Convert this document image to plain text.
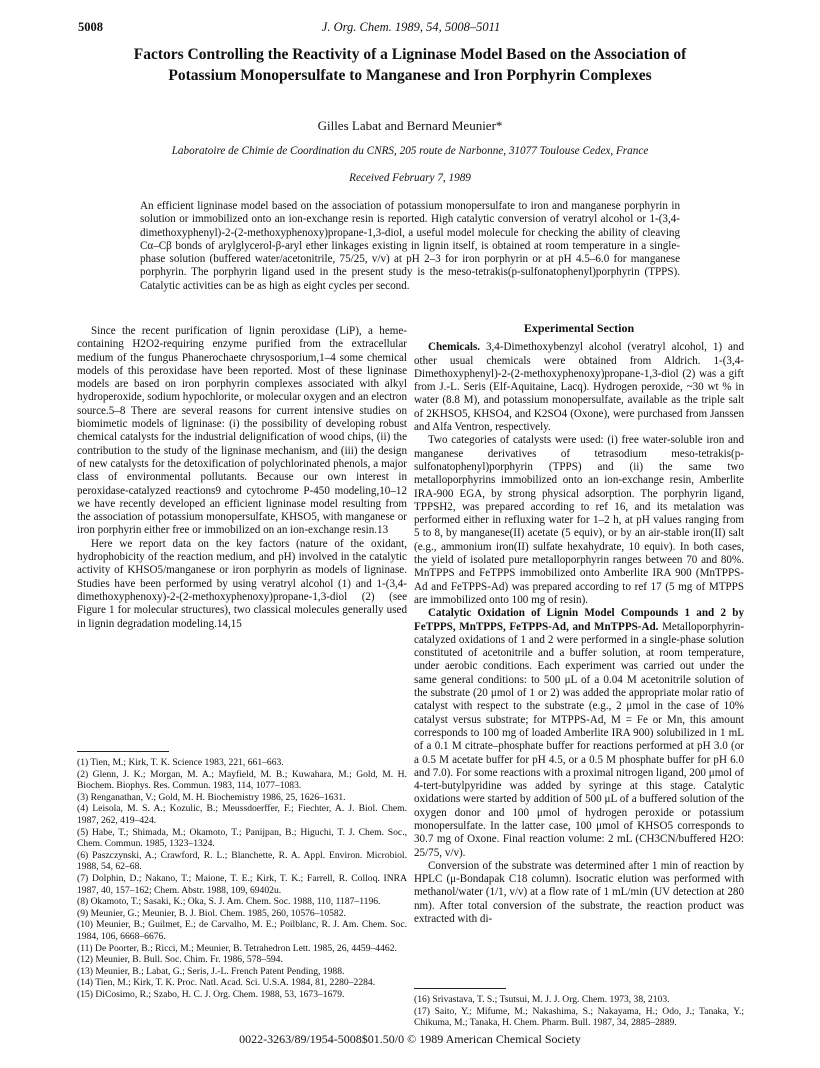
5008	J. Org. Chem. 1989, 54, 5008–5011
Factors Controlling the Reactivity of a Ligninase Model Based on the Association of Potassium Monopersulfate to Manganese and Iron Porphyrin Complexes
Gilles Labat and Bernard Meunier*
Laboratoire de Chimie de Coordination du CNRS, 205 route de Narbonne, 31077 Toulouse Cedex, France
Received February 7, 1989
An efficient ligninase model based on the association of potassium monopersulfate to iron and manganese porphyrin in solution or immobilized onto an ion-exchange resin is reported. High catalytic conversion of veratryl alcohol or 1-(3,4-dimethoxyphenyl)-2-(2-methoxyphenoxy)propane-1,3-diol, a useful model molecule for checking the ability of cleaving Cα–Cβ bonds of arylglycerol-β-aryl ether linkages existing in lignin itself, is obtained at room temperature in a single-phase solution (buffered water/acetonitrile, 75/25, v/v) at pH 2–3 for iron porphyrin or at pH 4.5–6.0 for manganese porphyrin. The porphyrin ligand used in the present study is the meso-tetrakis(p-sulfonatophenyl)porphyrin (TPPS). Catalytic activities can be as high as eight cycles per second.

Since the recent purification of lignin peroxidase (LiP), a heme-containing H2O2-requiring enzyme purified from the extracellular medium of the fungus Phanerochaete chrysosporium,1–4 some chemical models of this peroxidase have been reported. Most of these ligninase models are based on iron porphyrin complexes associated with alkyl hydroperoxide, sodium hypochlorite, or molecular oxygen and an electron source.5–8 There are several reasons for current intensive studies on biomimetic models of ligninase: (i) the possibility of developing robust chemical catalysts for the industrial delignification of wood chips, (ii) the contribution to the study of the ligninase mechanism, and (iii) the design of new catalysts for the detoxification of polychlorinated phenols, a major class of environmental pollutants. Because our own interest in peroxidase-catalyzed reactions9 and cytochrome P-450 modeling,10–12 we have recently developed an efficient ligninase model resulting from the association of potassium monopersulfate, KHSO5, with manganese or iron porphyrin either free or immobilized on an ion-exchange resin.13

Here we report data on the key factors (nature of the oxidant, hydrophobicity of the reaction medium, and pH) involved in the catalytic activity of KHSO5/manganese or iron porphyrin as models of ligninase. Studies have been performed by using veratryl alcohol (1) and 1-(3,4-dimethoxyphenoxy)-2-(2-methoxyphenoxy)propane-1,3-diol (2) (see Figure 1 for molecular structures), two classical molecules generally used in lignin degradation modeling.14,15

(1) Tien, M.; Kirk, T. K. Science 1983, 221, 661–663.
(2) Glenn, J. K.; Morgan, M. A.; Mayfield, M. B.; Kuwahara, M.; Gold, M. H. Biochem. Biophys. Res. Commun. 1983, 114, 1077–1083.
(3) Renganathan, V.; Gold, M. H. Biochemistry 1986, 25, 1626–1631.
(4) Leisola, M. S. A.; Kozulic, B.; Meussdoerffer, F.; Fiechter, A. J. Biol. Chem. 1987, 262, 419–424.
(5) Habe, T.; Shimada, M.; Okamoto, T.; Panijpan, B.; Higuchi, T. J. Chem. Soc., Chem. Commun. 1985, 1323–1324.
(6) Paszczynski, A.; Crawford, R. L.; Blanchette, R. A. Appl. Environ. Microbiol. 1988, 54, 62–68.
(7) Dolphin, D.; Nakano, T.; Maione, T. E.; Kirk, T. K.; Farrell, R. Colloq. INRA 1987, 40, 157–162; Chem. Abstr. 1988, 109, 69402u.
(8) Okamoto, T.; Sasaki, K.; Oka, S. J. Am. Chem. Soc. 1988, 110, 1187–1196.
(9) Meunier, G.; Meunier, B. J. Biol. Chem. 1985, 260, 10576–10582.
(10) Meunier, B.; Guilmet, E.; de Carvalho, M. E.; Poilblanc, R. J. Am. Chem. Soc. 1984, 106, 6668–6676.
(11) De Poorter, B.; Ricci, M.; Meunier, B. Tetrahedron Lett. 1985, 26, 4459–4462.
(12) Meunier, B. Bull. Soc. Chim. Fr. 1986, 578–594.
(13) Meunier, B.; Labat, G.; Seris, J.-L. French Patent Pending, 1988.
(14) Tien, M.; Kirk, T. K. Proc. Natl. Acad. Sci. U.S.A. 1984, 81, 2280–2284.
(15) DiCosimo, R.; Szabo, H. C. J. Org. Chem. 1988, 53, 1673–1679.
Experimental Section

Chemicals. 3,4-Dimethoxybenzyl alcohol (veratryl alcohol, 1) and other usual chemicals were obtained from Aldrich. 1-(3,4-Dimethoxyphenyl)-2-(2-methoxyphenoxy)propane-1,3-diol (2) was a gift from J.-L. Seris (Elf-Aquitaine, Lacq). Hydrogen peroxide, ~30 wt % in water (8.8 M), and potassium monopersulfate, available as the triple salt of 2KHSO5, KHSO4, and K2SO4 (Oxone), were purchased from Janssen and Alfa Ventron, respectively.

Two categories of catalysts were used: (i) free water-soluble iron and manganese derivatives of tetrasodium meso-tetrakis(p-sulfonatophenyl)porphyrin (TPPS) and (ii) the same two metalloporphyrins immobilized onto an ion-exchange resin, Amberlite IRA-900 EGA, by strong physical adsorption. The porphyrin ligand, TPPSH2, was prepared according to ref 16, and its metalation was performed either in refluxing water for 1–2 h, at pH values ranging from 5 to 8, by manganese(II) acetate (5 equiv), or by an air-stable iron(II) salt (e.g., ammonium iron(II) sulfate hexahydrate, 10 equiv). In both cases, the yield of isolated pure metalloporphyrin ranges between 70 and 80%. MnTPPS and FeTPPS immobilized onto Amberlite IRA 900 (MnTPPS-Ad and FeTPPS-Ad) was prepared according to ref 17 (5 mg of MTPPS are immobilized onto 100 mg of resin).

Catalytic Oxidation of Lignin Model Compounds 1 and 2 by FeTPPS, MnTPPS, FeTPPS-Ad, and MnTPPS-Ad. Metalloporphyrin-catalyzed oxidations of 1 and 2 were performed in a single-phase solution constituted of acetonitrile and a buffer solution, at room temperature, under aerobic conditions. Each experiment was carried out under the same general conditions: to 500 μL of a 0.04 M acetonitrile solution of the substrate (20 μmol of 1 or 2) was added the appropriate molar ratio of catalyst with respect to the substrate (e.g., 2 μmol in the case of 10% catalyst versus substrate; for MTPPS-Ad, M = Fe or Mn, this amount corresponds to 100 mg of loaded Amberlite IRA 900) solubilized in 1 mL of a 0.1 M citrate–phosphate buffer for reactions performed at pH 3.0 (or a 0.5 M acetate buffer for pH 4.5, or a 0.5 M phosphate buffer for pH 6.0 and 7.0). For some reactions with a proximal nitrogen ligand, 200 μmol of 4-tert-butylpyridine was added by syringe at this stage. Catalytic oxidations were started by addition of 500 μL of a buffered solution of the oxygen donor and 100 μmol of hydrogen peroxide or potassium monopersulfate. In the latter case, 100 μmol of KHSO5 corresponds to 30.7 mg of Oxone. Final reaction volume: 2 mL (CH3CN/buffered H2O: 25/75, v/v).

Conversion of the substrate was determined after 1 min of reaction by HPLC (μ-Bondapak C18 column). Isocratic elution was performed with methanol/water (1/1, v/v) at a flow rate of 1 mL/min (UV detection at 280 nm). After total conversion of the substrate, the reaction product was extracted with di-

(16) Srivastava, T. S.; Tsutsui, M. J. J. Org. Chem. 1973, 38, 2103.
(17) Saito, Y.; Mifume, M.; Nakashima, S.; Nakayama, H.; Odo, J.; Tanaka, Y.; Chikuma, M.; Tanaka, H. Chem. Pharm. Bull. 1987, 34, 2885–2889.
0022-3263/89/1954-5008$01.50/0 © 1989 American Chemical Society
